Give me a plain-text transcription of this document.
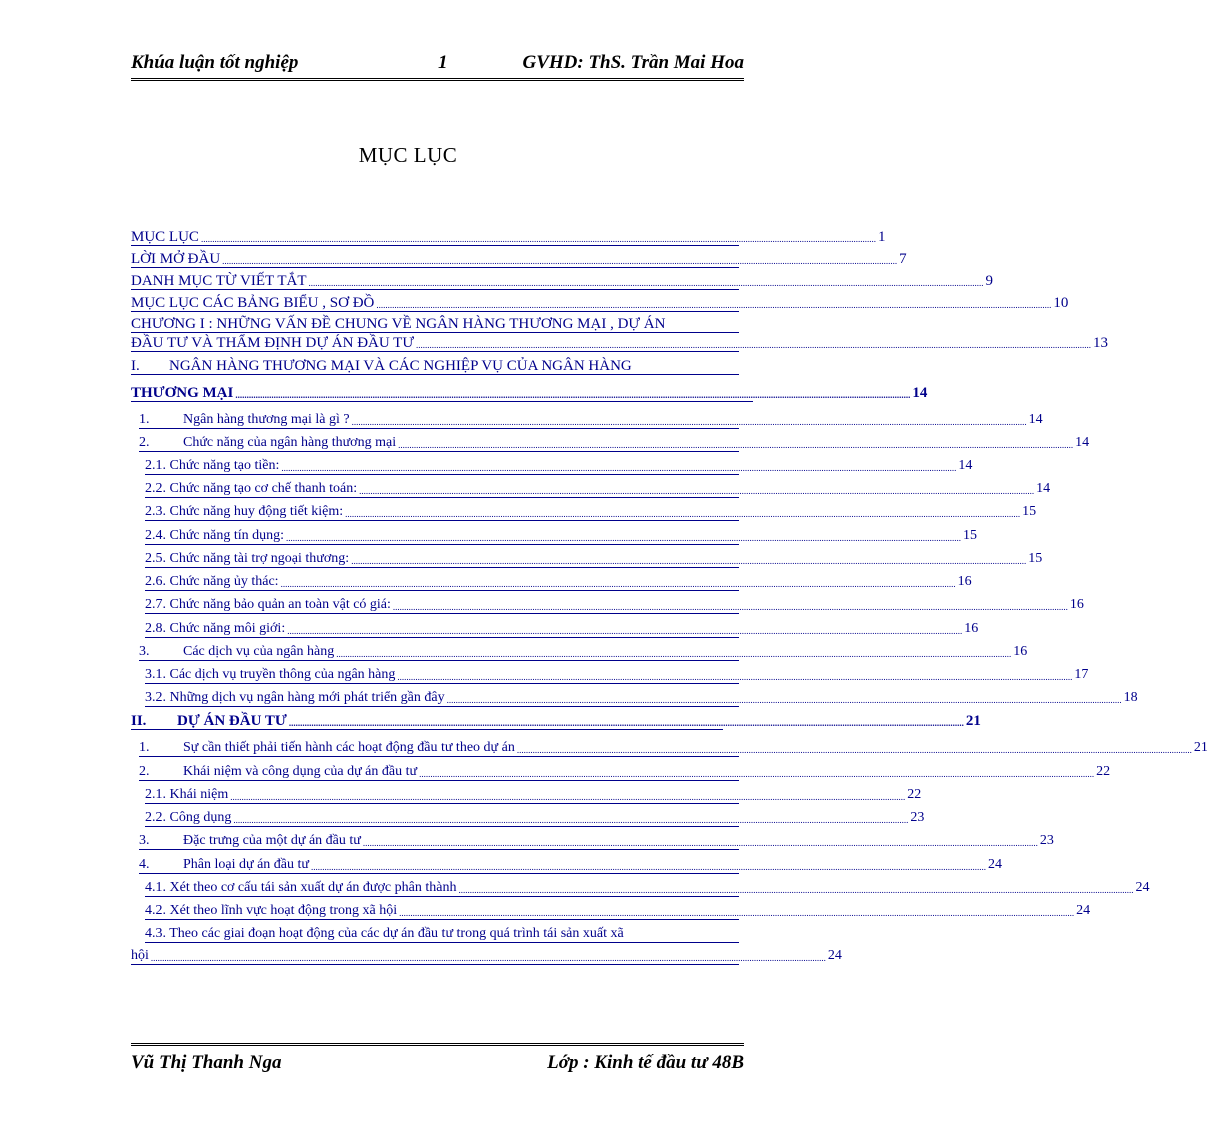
Khúa luận tốt nghiệp	1	GVHD: ThS. Trần Mai Hoa
MỤC LỤC
MỤC LỤC ............................................................................................................................................................................................................................................................................................................ 1
LỜI MỞ ĐẦU ............................................................................................................................................................................................................................................................................................................ 7
DANH MỤC TỪ VIẾT TẮT ............................................................................................................................................................................................................................................................................................................ 9
MỤC LỤC CÁC BẢNG BIỂU , SƠ ĐỒ ............................................................................................................................................................................................................................................................................................................ 10
CHƯƠNG I : NHỮNG VẤN ĐỀ CHUNG VỀ NGÂN HÀNG THƯƠNG MẠI , DỰ ÁN
ĐẦU TƯ VÀ THẨM ĐỊNH DỰ ÁN ĐẦU TƯ ............................................................................................................................................................................................................................................................................................................ 13
I. NGÂN HÀNG THƯƠNG MẠI VÀ CÁC NGHIỆP VỤ CỦA NGÂN HÀNG
THƯƠNG MẠI ............................................................................................................................................................................................................................................................................................................ 14
1. Ngân hàng thương mại là gì ? ............................................................................................................................................................................................................................................................................................................ 14
2. Chức năng của ngân hàng thương mại ............................................................................................................................................................................................................................................................................................................ 14
2.1. Chức năng tạo tiền: ............................................................................................................................................................................................................................................................................................................ 14
2.2. Chức năng tạo cơ chế thanh toán: ............................................................................................................................................................................................................................................................................................................ 14
2.3. Chức năng huy động tiết kiệm: ............................................................................................................................................................................................................................................................................................................ 15
2.4. Chức năng tín dụng: ............................................................................................................................................................................................................................................................................................................ 15
2.5. Chức năng tài trợ ngoại thương: ............................................................................................................................................................................................................................................................................................................ 15
2.6. Chức năng ủy thác: ............................................................................................................................................................................................................................................................................................................ 16
2.7. Chức năng bảo quản an toàn vật có giá: ............................................................................................................................................................................................................................................................................................................ 16
2.8. Chức năng môi giới: ............................................................................................................................................................................................................................................................................................................ 16
3. Các dịch vụ của ngân hàng ............................................................................................................................................................................................................................................................................................................ 16
3.1. Các dịch vụ truyền thông của ngân hàng ............................................................................................................................................................................................................................................................................................................ 17
3.2. Những dịch vụ ngân hàng mới phát triển gần đây ............................................................................................................................................................................................................................................................................................................ 18
II. DỰ ÁN ĐẦU TƯ ............................................................................................................................................................................................................................................................................................................ 21
1. Sự cần thiết phải tiến hành các hoạt động đầu tư theo dự án ............................................................................................................................................................................................................................................................................................................ 21
2. Khái niệm và công dụng của dự án đầu tư ............................................................................................................................................................................................................................................................................................................ 22
2.1. Khái niệm ............................................................................................................................................................................................................................................................................................................ 22
2.2. Công dụng ............................................................................................................................................................................................................................................................................................................ 23
3. Đặc trưng của một dự án đầu tư ............................................................................................................................................................................................................................................................................................................ 23
4. Phân loại dự án đầu tư ............................................................................................................................................................................................................................................................................................................ 24
4.1. Xét theo cơ cấu tái sản xuất dự án được phân thành ............................................................................................................................................................................................................................................................................................................ 24
4.2. Xét theo lĩnh vực hoạt động trong xã hội ............................................................................................................................................................................................................................................................................................................ 24
4.3. Theo các giai đoạn hoạt động của các dự án đầu tư trong quá trình tái sản xuất xã
hội ............................................................................................................................................................................................................................................................................................................ 24
Vũ Thị Thanh Nga	Lớp : Kinh tế đầu tư 48B
